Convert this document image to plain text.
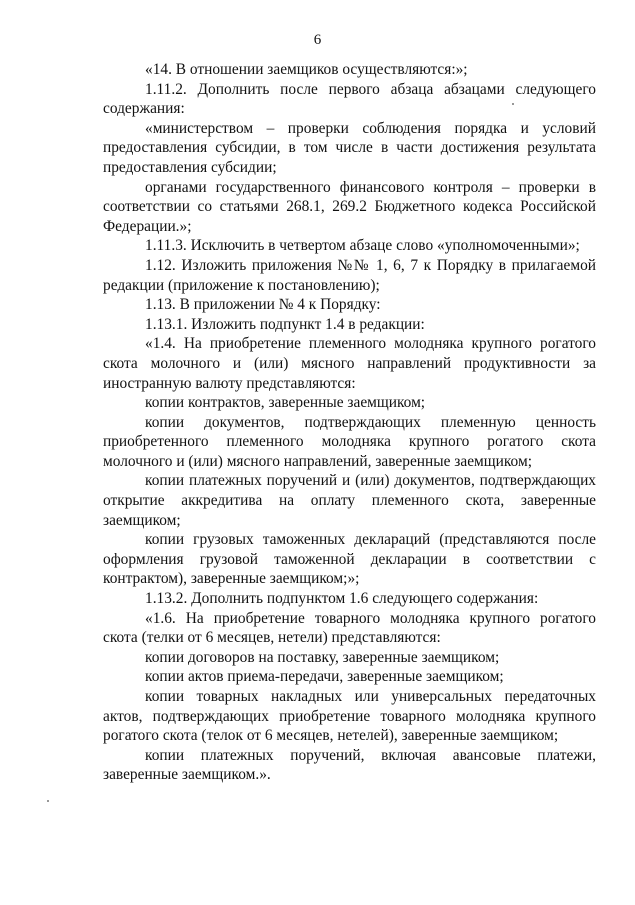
6

«14. В отношении заемщиков осуществляются:»;

1.11.2. Дополнить после первого абзаца абзацами следующего содержания:

«министерством – проверки соблюдения порядка и условий предоставления субсидии, в том числе в части достижения результата предоставления субсидии;

органами государственного финансового контроля – проверки в соответствии со статьями 268.1, 269.2 Бюджетного кодекса Российской Федерации.»;

1.11.3. Исключить в четвертом абзаце слово «уполномоченными»;

1.12. Изложить приложения №№ 1, 6, 7 к Порядку в прилагаемой редакции (приложение к постановлению);

1.13. В приложении № 4 к Порядку:

1.13.1. Изложить подпункт 1.4 в редакции:

«1.4. На приобретение племенного молодняка крупного рогатого скота молочного и (или) мясного направлений продуктивности за иностранную валюту представляются:

копии контрактов, заверенные заемщиком;

копии документов, подтверждающих племенную ценность приобретенного племенного молодняка крупного рогатого скота молочного и (или) мясного направлений, заверенные заемщиком;

копии платежных поручений и (или) документов, подтверждающих открытие аккредитива на оплату племенного скота, заверенные заемщиком;

копии грузовых таможенных деклараций (представляются после оформления грузовой таможенной декларации в соответствии с контрактом), заверенные заемщиком;»;

1.13.2. Дополнить подпунктом 1.6 следующего содержания:

«1.6. На приобретение товарного молодняка крупного рогатого скота (телки от 6 месяцев, нетели) представляются:

копии договоров на поставку, заверенные заемщиком;

копии актов приема-передачи, заверенные заемщиком;

копии товарных накладных или универсальных передаточных актов, подтверждающих приобретение товарного молодняка крупного рогатого скота (телок от 6 месяцев, нетелей), заверенные заемщиком;

копии платежных поручений, включая авансовые платежи, заверенные заемщиком.».
